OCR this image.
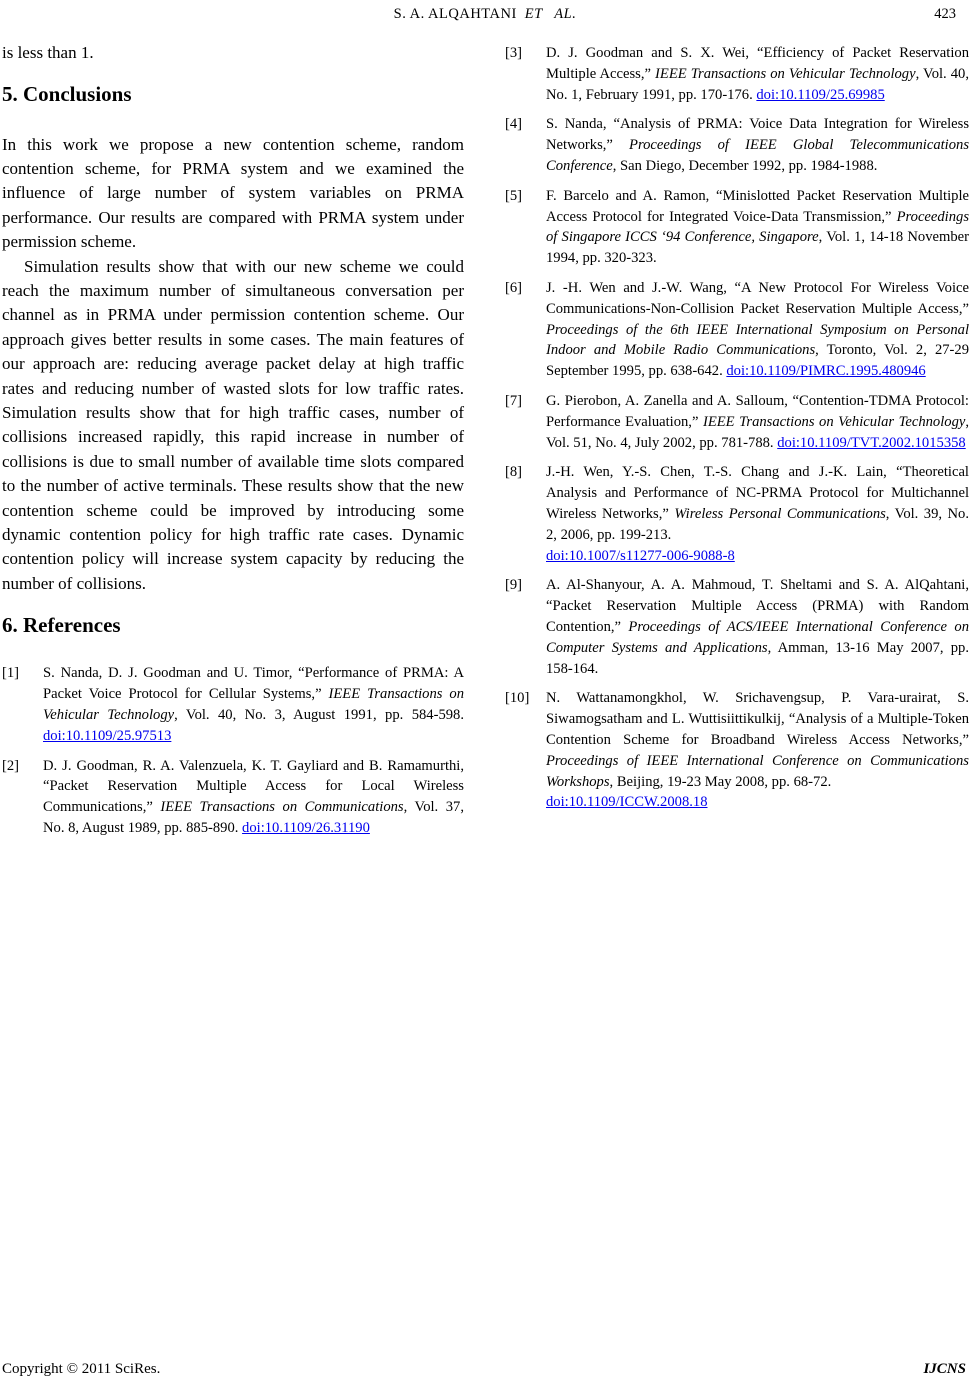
S. A. ALQAHTANI ET AL.	423

is less than 1.

5. Conclusions

In this work we propose a new contention scheme, random contention scheme, for PRMA system and we examined the influence of large number of system variables on PRMA performance. Our results are compared with PRMA system under permission scheme.

Simulation results show that with our new scheme we could reach the maximum number of simultaneous conversation per channel as in PRMA under permission contention scheme. Our approach gives better results in some cases. The main features of our approach are: reducing average packet delay at high traffic rates and reducing number of wasted slots for low traffic rates. Simulation results show that for high traffic cases, number of collisions increased rapidly, this rapid increase in number of collisions is due to small number of available time slots compared to the number of active terminals. These results show that the new contention scheme could be improved by introducing some dynamic contention policy for high traffic rate cases. Dynamic contention policy will increase system capacity by reducing the number of collisions.

6. References
[1] S. Nanda, D. J. Goodman and U. Timor, “Performance of PRMA: A Packet Voice Protocol for Cellular Systems,” IEEE Transactions on Vehicular Technology, Vol. 40, No. 3, August 1991, pp. 584-598. doi:10.1109/25.97513
[2] D. J. Goodman, R. A. Valenzuela, K. T. Gayliard and B. Ramamurthi, “Packet Reservation Multiple Access for Local Wireless Communications,” IEEE Transactions on Communications, Vol. 37, No. 8, August 1989, pp. 885-890. doi:10.1109/26.31190
[3] D. J. Goodman and S. X. Wei, “Efficiency of Packet Reservation Multiple Access,” IEEE Transactions on Vehicular Technology, Vol. 40, No. 1, February 1991, pp. 170-176. doi:10.1109/25.69985
[4] S. Nanda, “Analysis of PRMA: Voice Data Integration for Wireless Networks,” Proceedings of IEEE Global Telecommunications Conference, San Diego, December 1992, pp. 1984-1988.
[5] F. Barcelo and A. Ramon, “Minislotted Packet Reservation Multiple Access Protocol for Integrated Voice-Data Transmission,” Proceedings of Singapore ICCS ‘94 Conference, Singapore, Vol. 1, 14-18 November 1994, pp. 320-323.
[6] J. -H. Wen and J.-W. Wang, “A New Protocol For Wireless Voice Communications-Non-Collision Packet Reservation Multiple Access,” Proceedings of the 6th IEEE International Symposium on Personal Indoor and Mobile Radio Communications, Toronto, Vol. 2, 27-29 September 1995, pp. 638-642. doi:10.1109/PIMRC.1995.480946
[7] G. Pierobon, A. Zanella and A. Salloum, “Contention-TDMA Protocol: Performance Evaluation,” IEEE Transactions on Vehicular Technology, Vol. 51, No. 4, July 2002, pp. 781-788. doi:10.1109/TVT.2002.1015358
[8] J.-H. Wen, Y.-S. Chen, T.-S. Chang and J.-K. Lain, “Theoretical Analysis and Performance of NC-PRMA Protocol for Multichannel Wireless Networks,” Wireless Personal Communications, Vol. 39, No. 2, 2006, pp. 199-213.
doi:10.1007/s11277-006-9088-8
[9] A. Al-Shanyour, A. A. Mahmoud, T. Sheltami and S. A. AlQahtani, “Packet Reservation Multiple Access (PRMA) with Random Contention,” Proceedings of ACS/IEEE International Conference on Computer Systems and Applications, Amman, 13-16 May 2007, pp. 158-164.
[10] N. Wattanamongkhol, W. Srichavengsup, P. Vara-urairat, S. Siwamogsatham and L. Wuttisiittikulkij, “Analysis of a Multiple-Token Contention Scheme for Broadband Wireless Access Networks,” Proceedings of IEEE International Conference on Communications Workshops, Beijing, 19-23 May 2008, pp. 68-72.
doi:10.1109/ICCW.2008.18
Copyright © 2011 SciRes.	IJCNS
